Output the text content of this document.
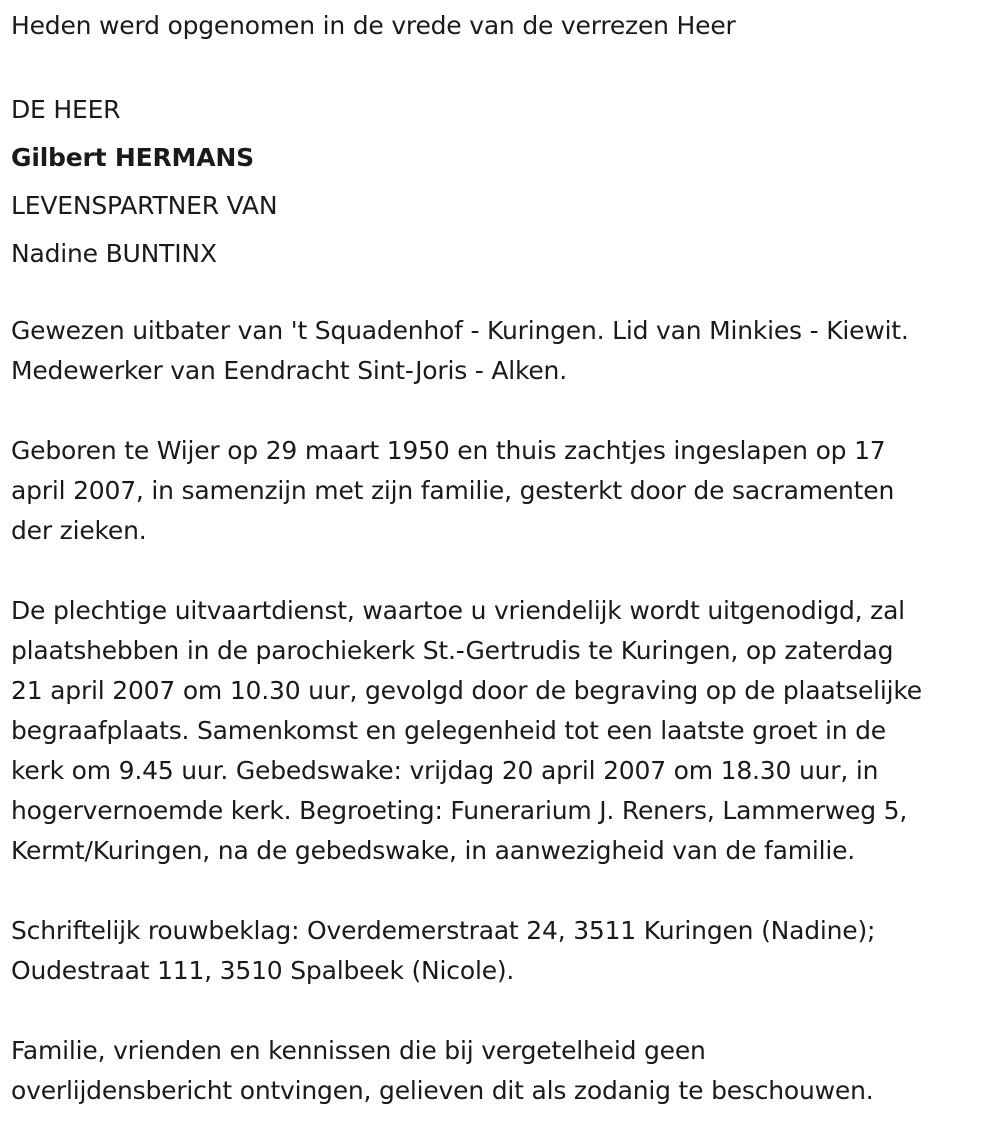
Heden werd opgenomen in de vrede van de verrezen Heer
DE HEER
Gilbert HERMANS
LEVENSPARTNER VAN
Nadine BUNTINX
Gewezen uitbater van 't Squadenhof - Kuringen. Lid van Minkies - Kiewit.
Medewerker van Eendracht Sint-Joris - Alken.
Geboren te Wijer op 29 maart 1950 en thuis zachtjes ingeslapen op 17
april 2007, in samenzijn met zijn familie, gesterkt door de sacramenten
der zieken.
De plechtige uitvaartdienst, waartoe u vriendelijk wordt uitgenodigd, zal
plaatshebben in de parochiekerk St.-Gertrudis te Kuringen, op zaterdag
21 april 2007 om 10.30 uur, gevolgd door de begraving op de plaatselijke
begraafplaats. Samenkomst en gelegenheid tot een laatste groet in de
kerk om 9.45 uur. Gebedswake: vrijdag 20 april 2007 om 18.30 uur, in
hogervernoemde kerk. Begroeting: Funerarium J. Reners, Lammerweg 5,
Kermt/Kuringen, na de gebedswake, in aanwezigheid van de familie.
Schriftelijk rouwbeklag: Overdemerstraat 24, 3511 Kuringen (Nadine);
Oudestraat 111, 3510 Spalbeek (Nicole).
Familie, vrienden en kennissen die bij vergetelheid geen
overlijdensbericht ontvingen, gelieven dit als zodanig te beschouwen.
